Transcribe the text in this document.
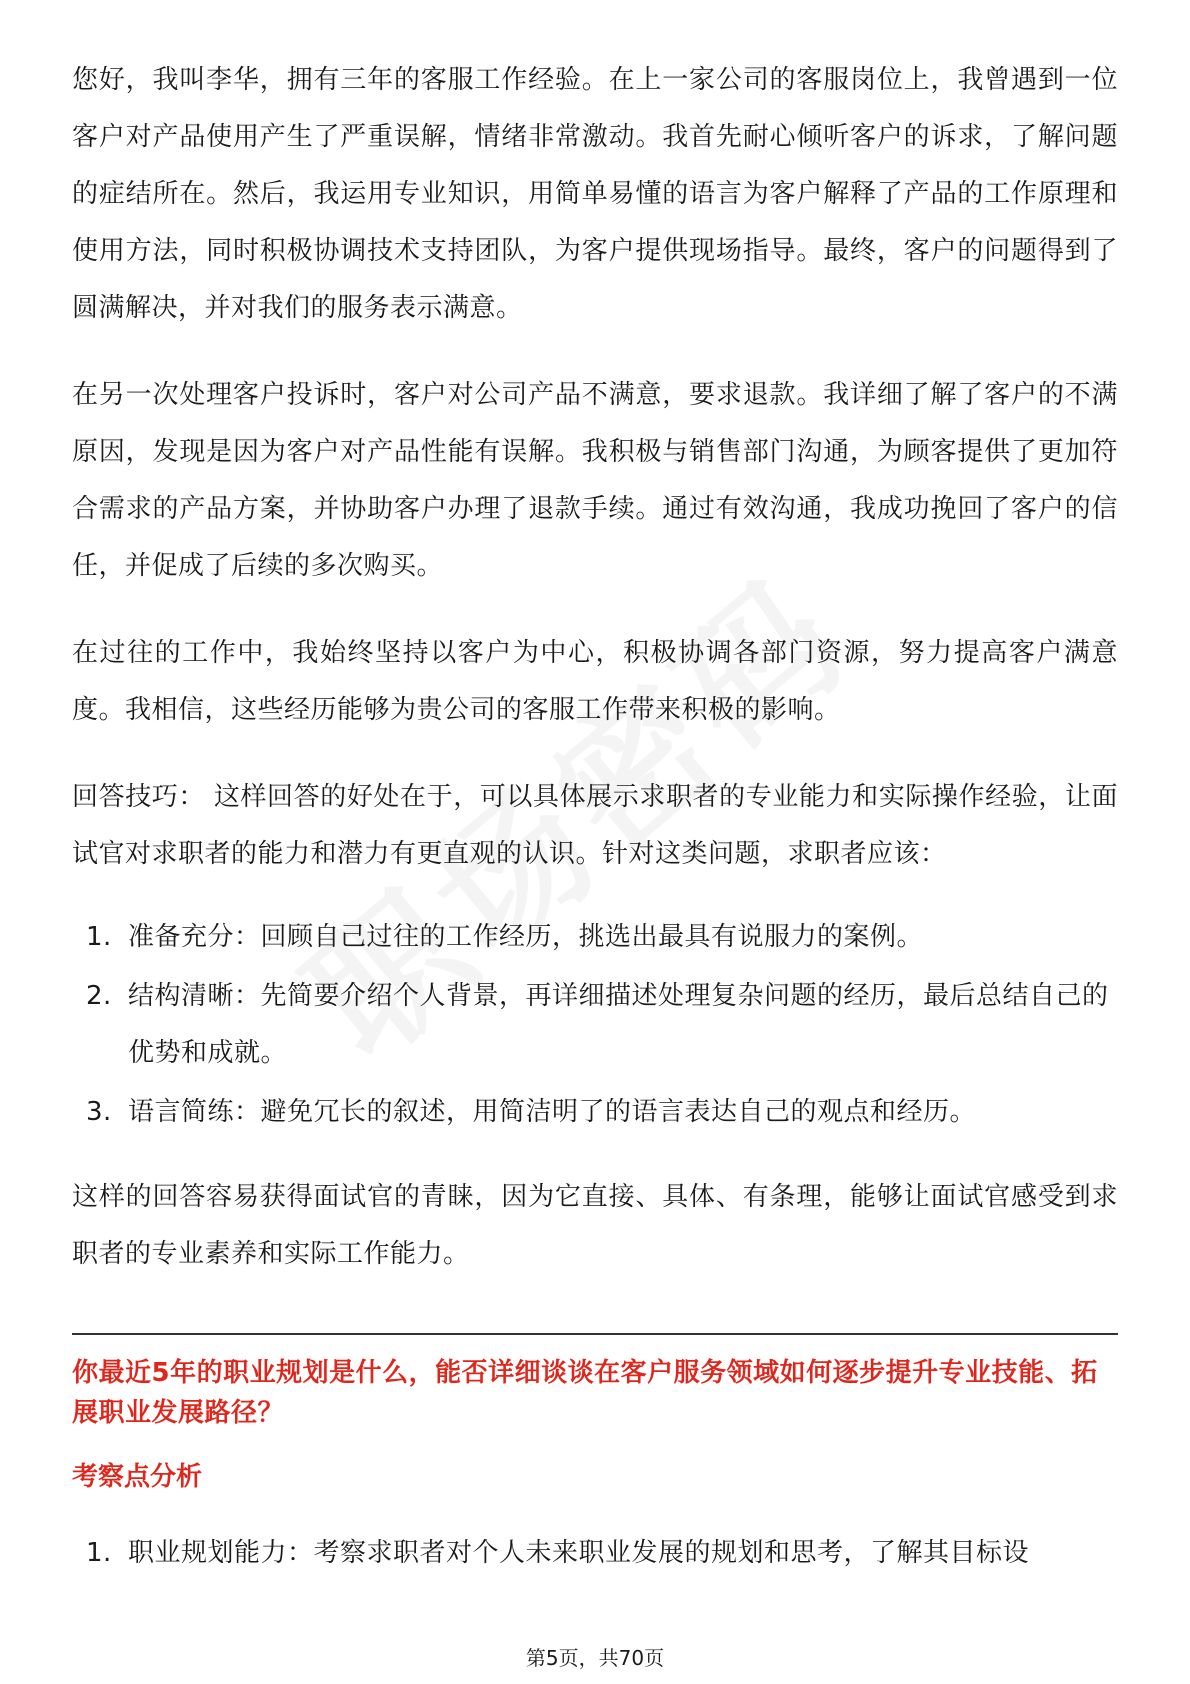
您好，我叫李华，拥有三年的客服工作经验。在上一家公司的客服岗位上，我曾遇到一位客户对产品使用产生了严重误解，情绪非常激动。我首先耐心倾听客户的诉求，了解问题的症结所在。然后，我运用专业知识，用简单易懂的语言为客户解释了产品的工作原理和使用方法，同时积极协调技术支持团队，为客户提供现场指导。最终，客户的问题得到了圆满解决，并对我们的服务表示满意。

在另一次处理客户投诉时，客户对公司产品不满意，要求退款。我详细了解了客户的不满原因，发现是因为客户对产品性能有误解。我积极与销售部门沟通，为顾客提供了更加符合需求的产品方案，并协助客户办理了退款手续。通过有效沟通，我成功挽回了客户的信任，并促成了后续的多次购买。

在过往的工作中，我始终坚持以客户为中心，积极协调各部门资源，努力提高客户满意度。我相信，这些经历能够为贵公司的客服工作带来积极的影响。

回答技巧： 这样回答的好处在于，可以具体展示求职者的专业能力和实际操作经验，让面试官对求职者的能力和潜力有更直观的认识。针对这类问题，求职者应该：

1. 准备充分：回顾自己过往的工作经历，挑选出最具有说服力的案例。
2. 结构清晰：先简要介绍个人背景，再详细描述处理复杂问题的经历，最后总结自己的优势和成就。
3. 语言简练：避免冗长的叙述，用简洁明了的语言表达自己的观点和经历。

这样的回答容易获得面试官的青睐，因为它直接、具体、有条理，能够让面试官感受到求职者的专业素养和实际工作能力。

你最近5年的职业规划是什么，能否详细谈谈在客户服务领域如何逐步提升专业技能、拓展职业发展路径？

考察点分析

1. 职业规划能力：考察求职者对个人未来职业发展的规划和思考，了解其目标设
第5页，共70页
